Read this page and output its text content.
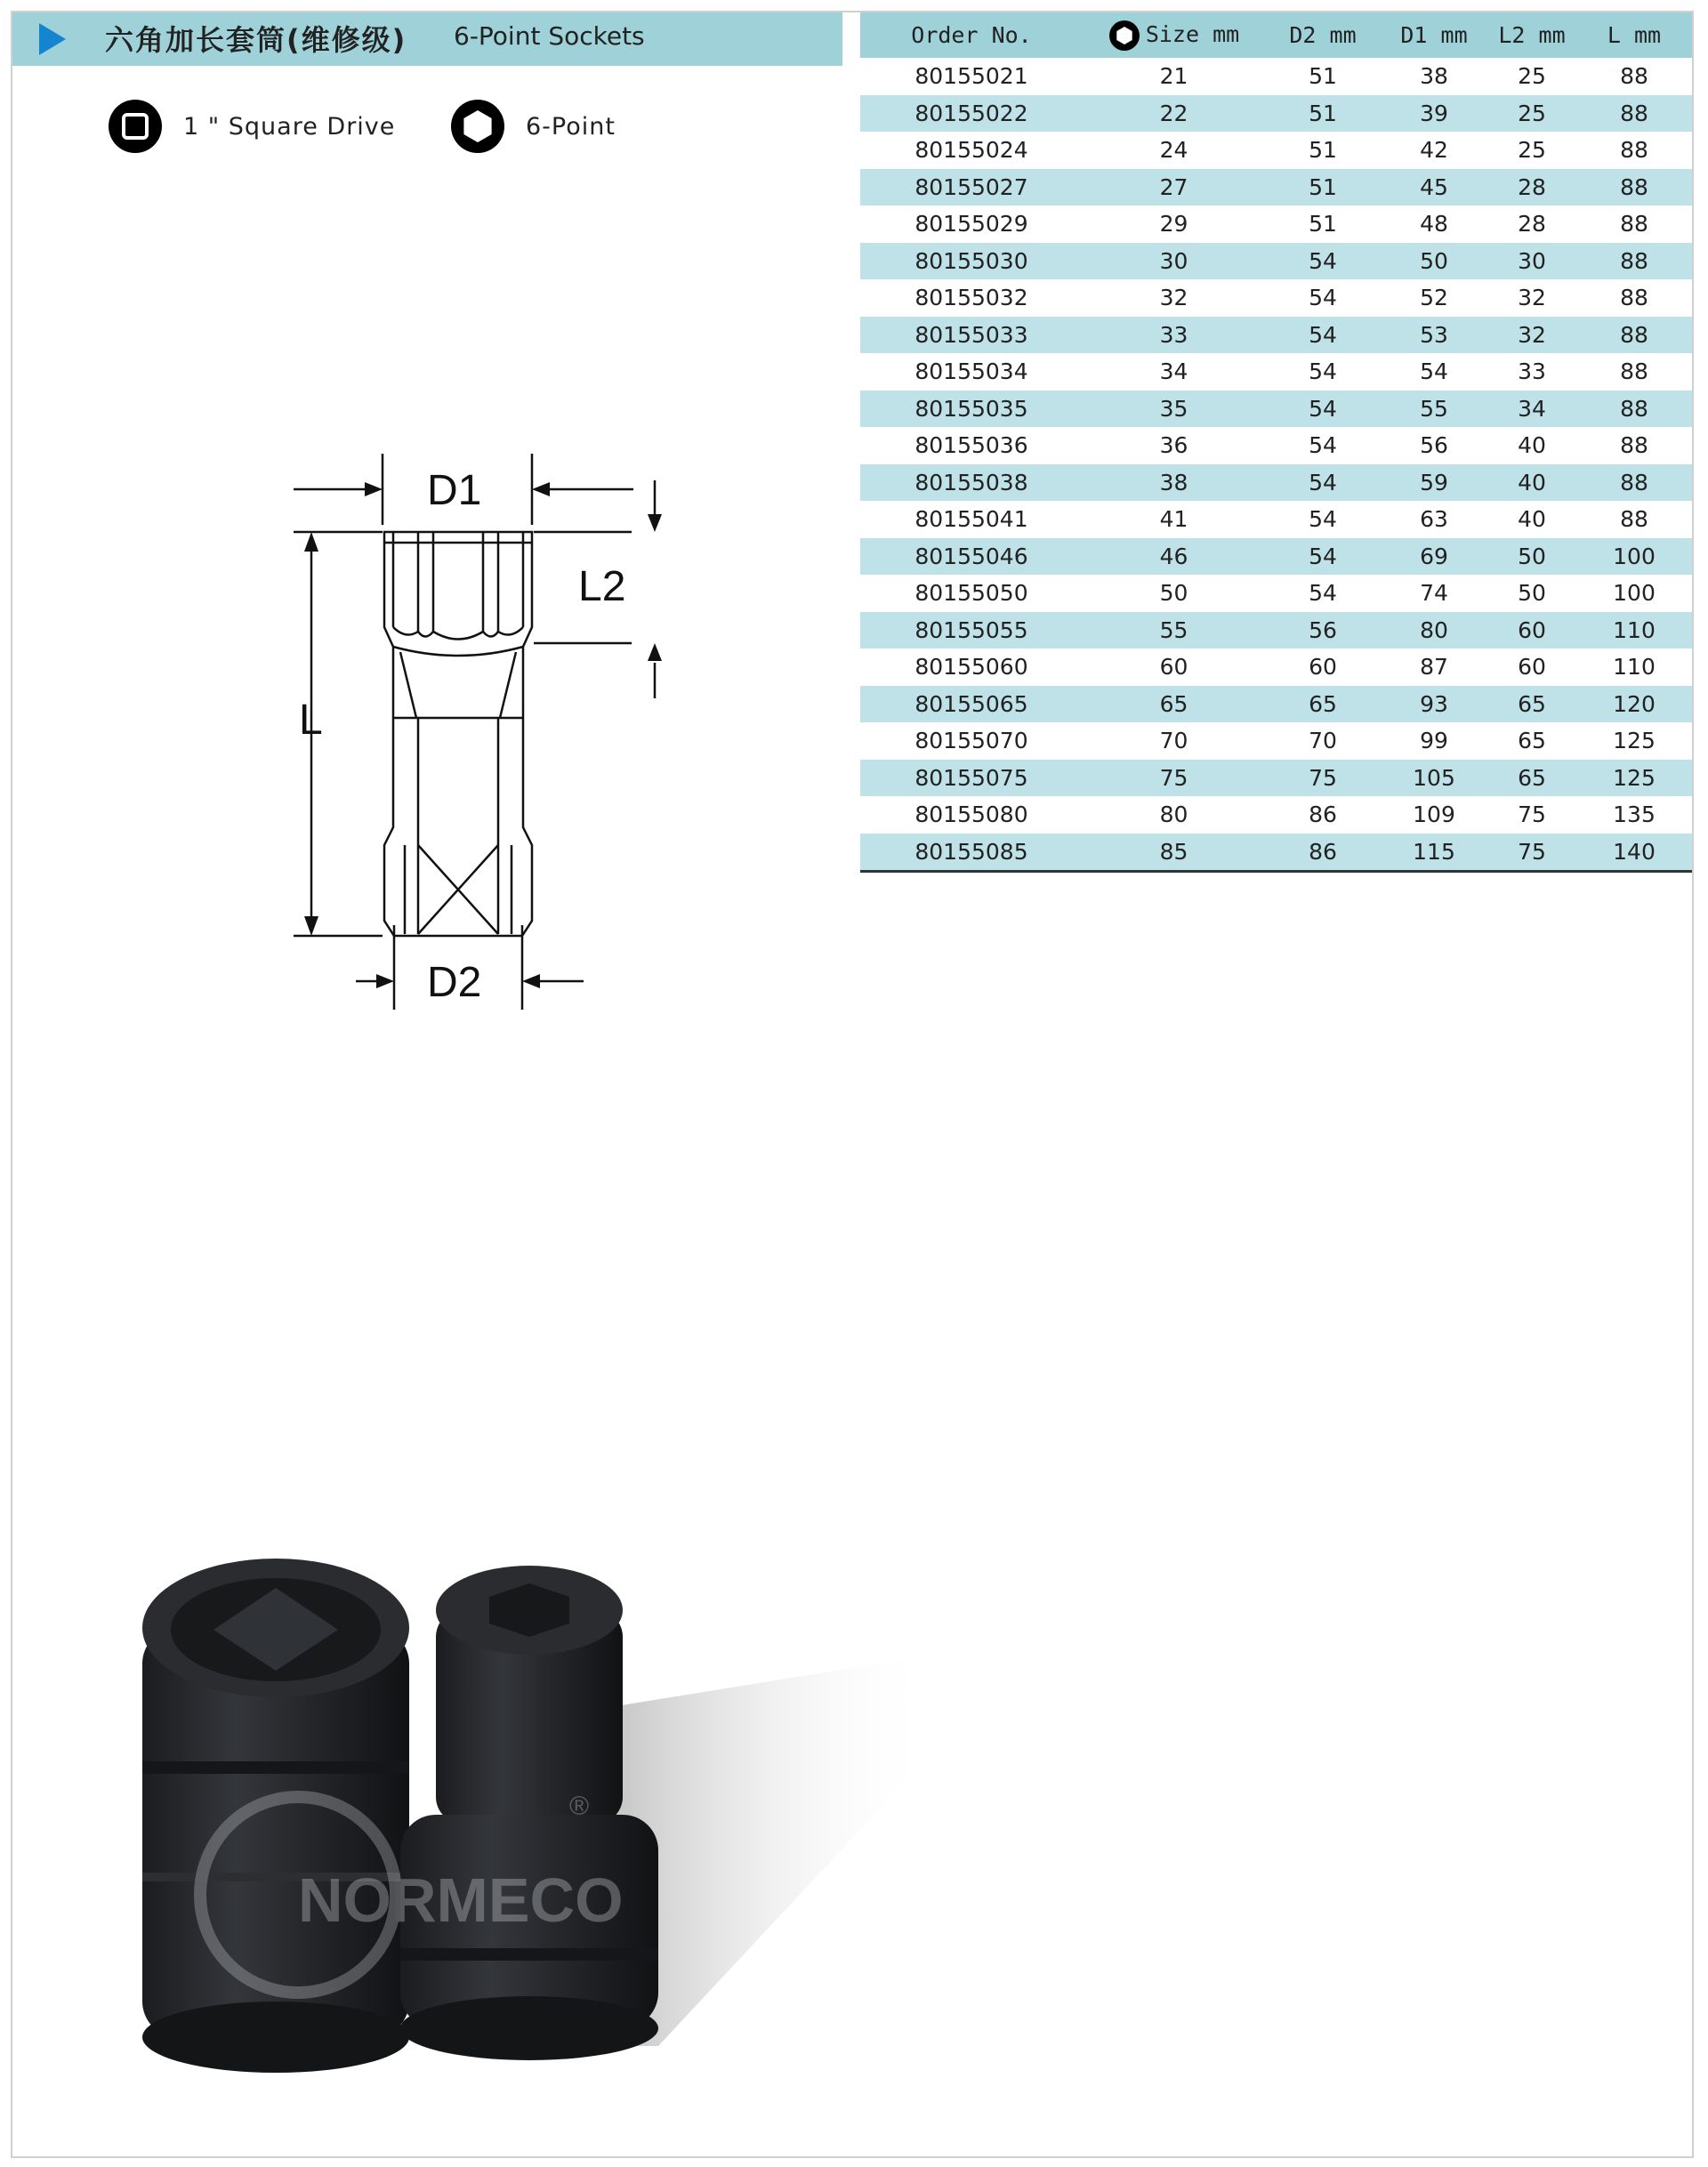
六角加长套筒(维修级) 6-Point Sockets
1 " Square Drive	6-Point
Order No.	Size mm	D2 mm	D1 mm	L2 mm	L mm
80155021	21	51	38	25	88
80155022	22	51	39	25	88
80155024	24	51	42	25	88
80155027	27	51	45	28	88
80155029	29	51	48	28	88
80155030	30	54	50	30	88
80155032	32	54	52	32	88
80155033	33	54	53	32	88
80155034	34	54	54	33	88
80155035	35	54	55	34	88
80155036	36	54	56	40	88
80155038	38	54	59	40	88
80155041	41	54	63	40	88
80155046	46	54	69	50	100
80155050	50	54	74	50	100
80155055	55	56	80	60	110
80155060	60	60	87	60	110
80155065	65	65	93	65	120
80155070	70	70	99	65	125
80155075	75	75	105	65	125
80155080	80	86	109	75	135
80155085	85	86	115	75	140
D1
D2
L
L2
NORMECO
®
